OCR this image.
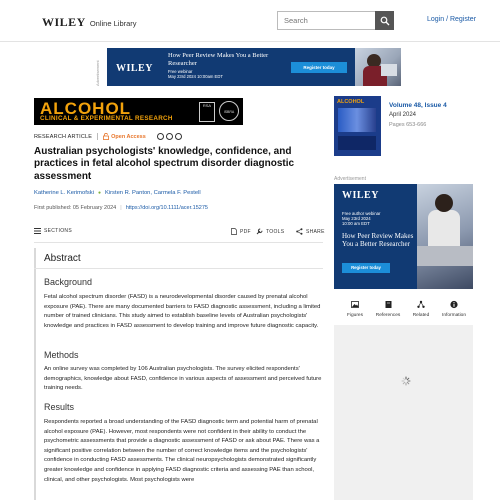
WILEY Online Library
Search	Login / Register
Advertisement	WILEY
How Peer Review Makes You a Better Researcher
Free webinar
May 23rd 2024 10:00am EDT
Register today
ALCOHOL
CLINICAL & EXPERIMENTAL RESEARCH
RSA
ISBRA
RESEARCH ARTICLE	Open Access
Australian psychologists' knowledge, confidence, and practices in fetal alcohol spectrum disorder diagnostic assessment
Katherine L. Kerimofski ● Kirsten R. Panton, Carmela F. Pestell
First published: 05 February 2024 | https://doi.org/10.1111/acer.15275
SECTIONS	PDF	TOOLS	SHARE
Abstract
Background
Fetal alcohol spectrum disorder (FASD) is a neurodevelopmental disorder caused by prenatal alcohol exposure (PAE). There are many documented barriers to FASD diagnostic assessment, including a limited number of trained clinicians. This study aimed to establish baseline levels of Australian psychologists' knowledge and practices in FASD assessment to develop training and improve future diagnostic capacity.
Methods
An online survey was completed by 106 Australian psychologists. The survey elicited respondents' demographics, knowledge about FASD, confidence in various aspects of assessment and perceived future training needs.
Results
Respondents reported a broad understanding of the FASD diagnostic term and potential harm of prenatal alcohol exposure (PAE). However, most respondents were not confident in their ability to conduct the psychometric assessments that provide a diagnostic assessment of FASD or ask about PAE. There was a significant positive correlation between the number of correct knowledge items and the psychologists' confidence in conducting FASD assessments. The clinical neuropsychologists demonstrated significantly greater knowledge and confidence in applying FASD diagnostic criteria and assessing PAE than school, clinical, and other psychologists. Most psychologists were
ALCOHOL	Volume 48, Issue 4
April 2024
Pages 653-666
Advertisement
WILEY
Free author webinar
May 23rd 2024
10:00 am EDT
How Peer Review Makes You a Better Researcher
Register today
Figures	References	Related	Information
